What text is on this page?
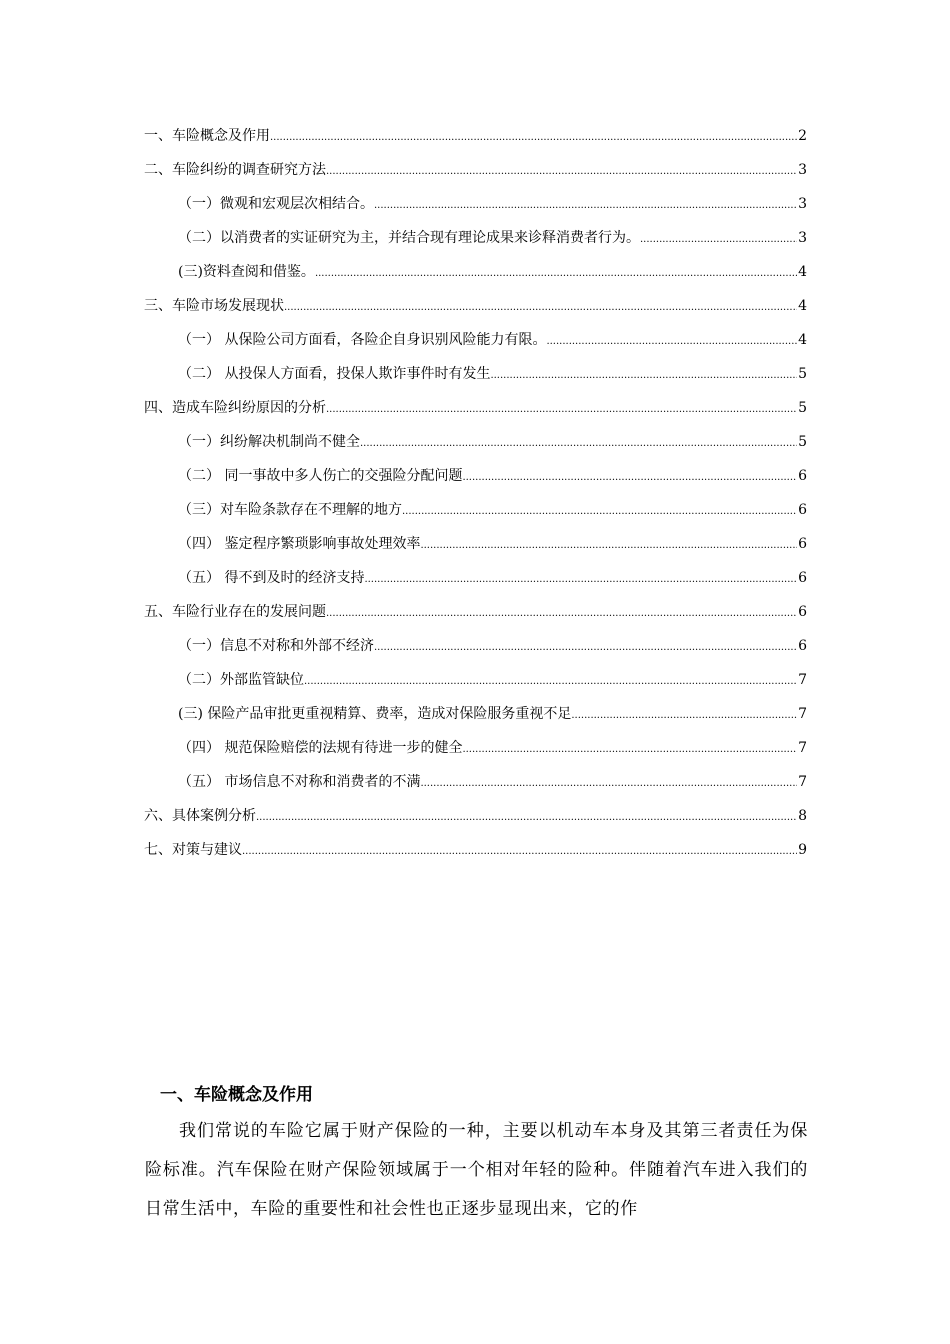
一、车险概念及作用 .....	2
二、车险纠纷的调查研究方法 .....	3
（一）微观和宏观层次相结合。 .....	3
（二）以消费者的实证研究为主，并结合现有理论成果来诊释消费者行为。 .....	3
(三)资料查阅和借鉴。 .....	4
三、车险市场发展现状 .....	4
（一） 从保险公司方面看，各险企自身识别风险能力有限。 .....	4
（二） 从投保人方面看，投保人欺诈事件时有发生 .....	5
四、造成车险纠纷原因的分析 .....	5
（一）纠纷解决机制尚不健全 .....	5
（二） 同一事故中多人伤亡的交强险分配问题 .....	6
（三）对车险条款存在不理解的地方 .....	6
（四） 鉴定程序繁琐影响事故处理效率 .....	6
（五） 得不到及时的经济支持 .....	6
五、车险行业存在的发展问题 .....	6
（一）信息不对称和外部不经济 .....	6
（二）外部监管缺位 .....	7
(三) 保险产品审批更重视精算、费率，造成对保险服务重视不足 .....	7
（四） 规范保险赔偿的法规有待进一步的健全 .....	7
（五） 市场信息不对称和消费者的不满 .....	7
六、具体案例分析 .....	8
七、对策与建议 .....	9
一、车险概念及作用
我们常说的车险它属于财产保险的一种，主要以机动车本身及其第三者责任为保险标准。汽车保险在财产保险领域属于一个相对年轻的险种。伴随着汽车进入我们的日常生活中，车险的重要性和社会性也正逐步显现出来，它的作
